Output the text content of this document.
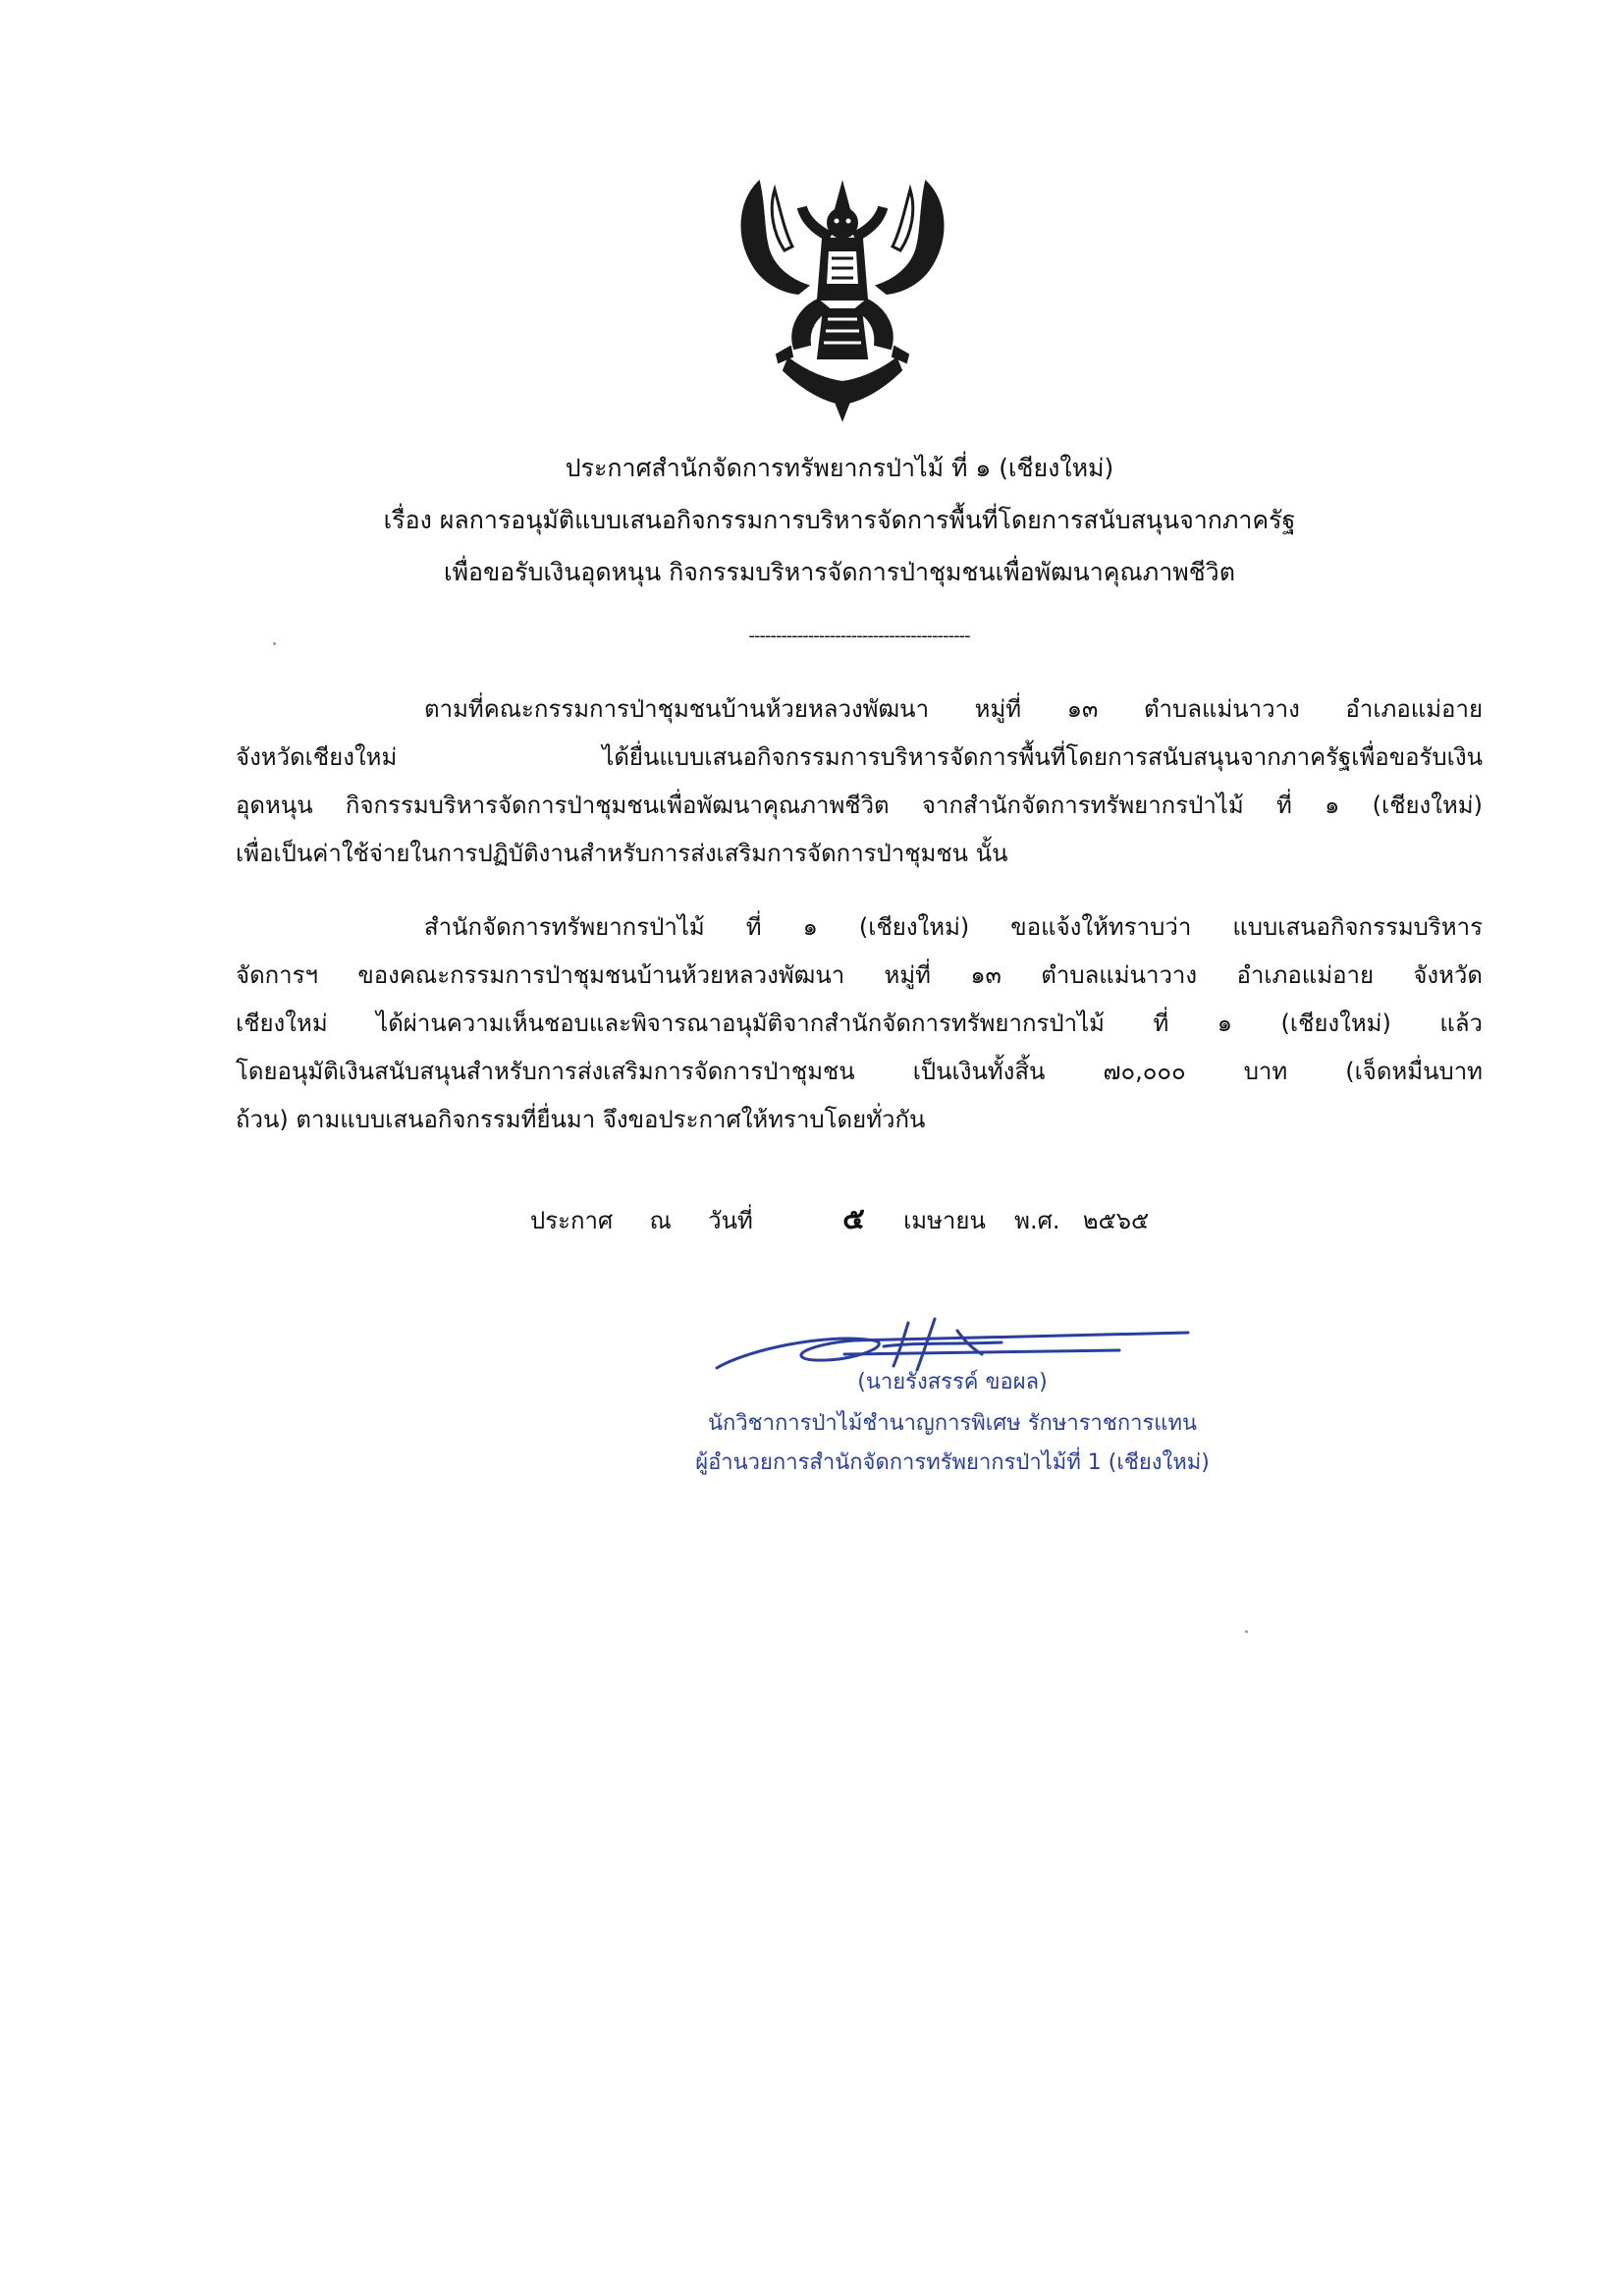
ประกาศสำนักจัดการทรัพยากรป่าไม้ ที่ ๑ (เชียงใหม่)
เรื่อง ผลการอนุมัติแบบเสนอกิจกรรมการบริหารจัดการพื้นที่โดยการสนับสนุนจากภาครัฐ
เพื่อขอรับเงินอุดหนุน กิจกรรมบริหารจัดการป่าชุมชนเพื่อพัฒนาคุณภาพชีวิต
-----------------------------------------
ตามที่คณะกรรมการป่าชุมชนบ้านห้วยหลวงพัฒนา หมู่ที่ ๑๓ ตำบลแม่นาวาง อำเภอแม่อาย
จังหวัดเชียงใหม่ ได้ยื่นแบบเสนอกิจกรรมการบริหารจัดการพื้นที่โดยการสนับสนุนจากภาครัฐเพื่อขอรับเงิน
อุดหนุน กิจกรรมบริหารจัดการป่าชุมชนเพื่อพัฒนาคุณภาพชีวิต จากสำนักจัดการทรัพยากรป่าไม้ ที่ ๑ (เชียงใหม่)
เพื่อเป็นค่าใช้จ่ายในการปฏิบัติงานสำหรับการส่งเสริมการจัดการป่าชุมชน นั้น
สำนักจัดการทรัพยากรป่าไม้ ที่ ๑ (เชียงใหม่) ขอแจ้งให้ทราบว่า แบบเสนอกิจกรรมบริหาร
จัดการฯ ของคณะกรรมการป่าชุมชนบ้านห้วยหลวงพัฒนา หมู่ที่ ๑๓ ตำบลแม่นาวาง อำเภอแม่อาย จังหวัด
เชียงใหม่ ได้ผ่านความเห็นชอบและพิจารณาอนุมัติจากสำนักจัดการทรัพยากรป่าไม้ ที่ ๑ (เชียงใหม่) แล้ว
โดยอนุมัติเงินสนับสนุนสำหรับการส่งเสริมการจัดการป่าชุมชน เป็นเงินทั้งสิ้น ๗๐,๐๐๐ บาท (เจ็ดหมื่นบาท
ถ้วน) ตามแบบเสนอกิจกรรมที่ยื่นมา จึงขอประกาศให้ทราบโดยทั่วกัน
ประกาศ ณ วันที่	๕ เมษายน พ.ศ. ๒๕๖๕
(นายรังสรรค์ ขอผล)
นักวิชาการป่าไม้ชำนาญการพิเศษ รักษาราชการแทน
ผู้อำนวยการสำนักจัดการทรัพยากรป่าไม้ที่ 1 (เชียงใหม่)
